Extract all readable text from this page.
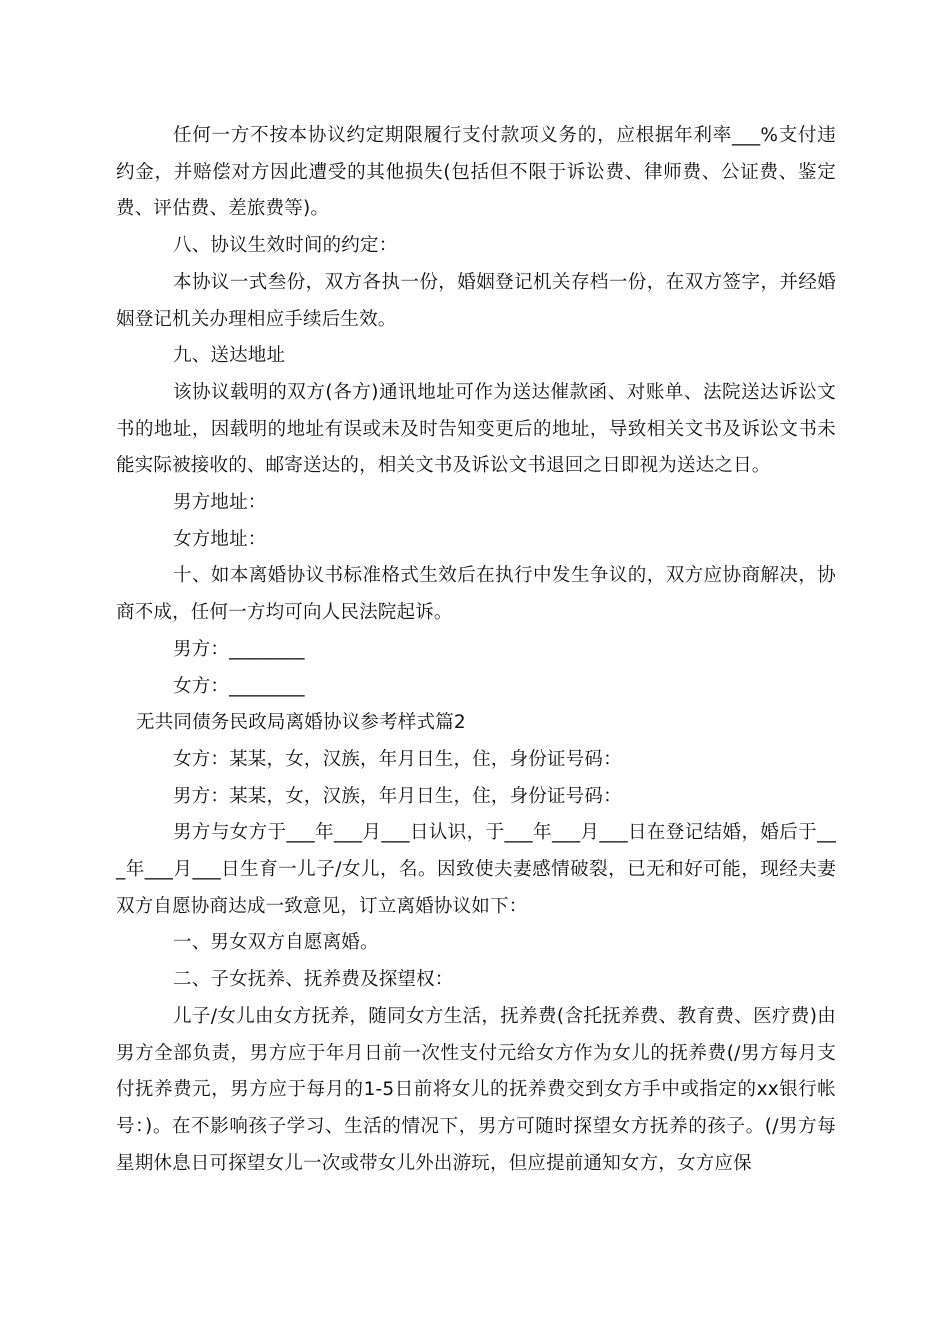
任何一方不按本协议约定期限履行支付款项义务的，应根据年利率___%支付违约金，并赔偿对方因此遭受的其他损失(包括但不限于诉讼费、律师费、公证费、鉴定费、评估费、差旅费等)。

八、协议生效时间的约定：

本协议一式叁份，双方各执一份，婚姻登记机关存档一份，在双方签字，并经婚姻登记机关办理相应手续后生效。

九、送达地址

该协议载明的双方(各方)通讯地址可作为送达催款函、对账单、法院送达诉讼文书的地址，因载明的地址有误或未及时告知变更后的地址，导致相关文书及诉讼文书未能实际被接收的、邮寄送达的，相关文书及诉讼文书退回之日即视为送达之日。

男方地址：

女方地址：

十、如本离婚协议书标准格式生效后在执行中发生争议的，双方应协商解决，协商不成，任何一方均可向人民法院起诉。

男方：________

女方：________

无共同债务民政局离婚协议参考样式篇2

女方：某某，女，汉族，年月日生，住，身份证号码：

男方：某某，女，汉族，年月日生，住，身份证号码：

男方与女方于___年___月___日认识，于___年___月___日在登记结婚，婚后于___年___月___日生育一儿子/女儿，名。因致使夫妻感情破裂，已无和好可能，现经夫妻双方自愿协商达成一致意见，订立离婚协议如下：

一、男女双方自愿离婚。

二、子女抚养、抚养费及探望权：

儿子/女儿由女方抚养，随同女方生活，抚养费(含托抚养费、教育费、医疗费)由男方全部负责，男方应于年月日前一次性支付元给女方作为女儿的抚养费(/男方每月支付抚养费元，男方应于每月的1-5日前将女儿的抚养费交到女方手中或指定的xx银行帐号：)。在不影响孩子学习、生活的情况下，男方可随时探望女方抚养的孩子。(/男方每星期休息日可探望女儿一次或带女儿外出游玩，但应提前通知女方，女方应保
